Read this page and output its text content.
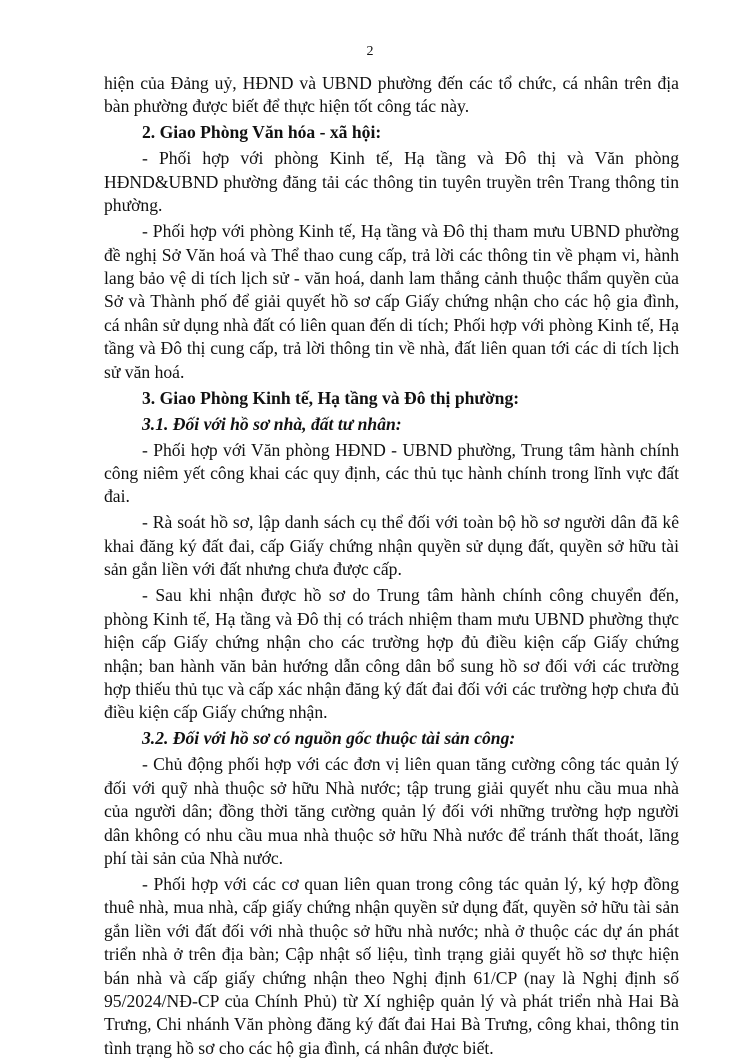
2

hiện của Đảng uỷ, HĐND và UBND phường đến các tổ chức, cá nhân trên địa bàn phường được biết để thực hiện tốt công tác này.

2. Giao Phòng Văn hóa - xã hội:

- Phối hợp với phòng Kinh tế, Hạ tầng và Đô thị và Văn phòng HĐND&UBND phường đăng tải các thông tin tuyên truyền trên Trang thông tin phường.

- Phối hợp với phòng Kinh tế, Hạ tầng và Đô thị tham mưu UBND phường đề nghị Sở Văn hoá và Thể thao cung cấp, trả lời các thông tin về phạm vi, hành lang bảo vệ di tích lịch sử - văn hoá, danh lam thắng cảnh thuộc thẩm quyền của Sở và Thành phố để giải quyết hồ sơ cấp Giấy chứng nhận cho các hộ gia đình, cá nhân sử dụng nhà đất có liên quan đến di tích; Phối hợp với phòng Kinh tế, Hạ tầng và Đô thị cung cấp, trả lời thông tin về nhà, đất liên quan tới các di tích lịch sử văn hoá.

3. Giao Phòng Kinh tế, Hạ tầng và Đô thị phường:

3.1. Đối với hồ sơ nhà, đất tư nhân:

- Phối hợp với Văn phòng HĐND - UBND phường, Trung tâm hành chính công niêm yết công khai các quy định, các thủ tục hành chính trong lĩnh vực đất đai.

- Rà soát hồ sơ, lập danh sách cụ thể đối với toàn bộ hồ sơ người dân đã kê khai đăng ký đất đai, cấp Giấy chứng nhận quyền sử dụng đất, quyền sở hữu tài sản gắn liền với đất nhưng chưa được cấp.

- Sau khi nhận được hồ sơ do Trung tâm hành chính công chuyển đến, phòng Kinh tế, Hạ tầng và Đô thị có trách nhiệm tham mưu UBND phường thực hiện cấp Giấy chứng nhận cho các trường hợp đủ điều kiện cấp Giấy chứng nhận; ban hành văn bản hướng dẫn công dân bổ sung hồ sơ đối với các trường hợp thiếu thủ tục và cấp xác nhận đăng ký đất đai đối với các trường hợp chưa đủ điều kiện cấp Giấy chứng nhận.

3.2. Đối với hồ sơ có nguồn gốc thuộc tài sản công:

- Chủ động phối hợp với các đơn vị liên quan tăng cường công tác quản lý đối với quỹ nhà thuộc sở hữu Nhà nước; tập trung giải quyết nhu cầu mua nhà của người dân; đồng thời tăng cường quản lý đối với những trường hợp người dân không có nhu cầu mua nhà thuộc sở hữu Nhà nước để tránh thất thoát, lãng phí tài sản của Nhà nước.

- Phối hợp với các cơ quan liên quan trong công tác quản lý, ký hợp đồng thuê nhà, mua nhà, cấp giấy chứng nhận quyền sử dụng đất, quyền sở hữu tài sản gắn liền với đất đối với nhà thuộc sở hữu nhà nước; nhà ở thuộc các dự án phát triển nhà ở trên địa bàn; Cập nhật số liệu, tình trạng giải quyết hồ sơ thực hiện bán nhà và cấp giấy chứng nhận theo Nghị định 61/CP (nay là Nghị định số 95/2024/NĐ-CP của Chính Phủ) từ Xí nghiệp quản lý và phát triển nhà Hai Bà Trưng, Chi nhánh Văn phòng đăng ký đất đai Hai Bà Trưng, công khai, thông tin tình trạng hồ sơ cho các hộ gia đình, cá nhân được biết.
